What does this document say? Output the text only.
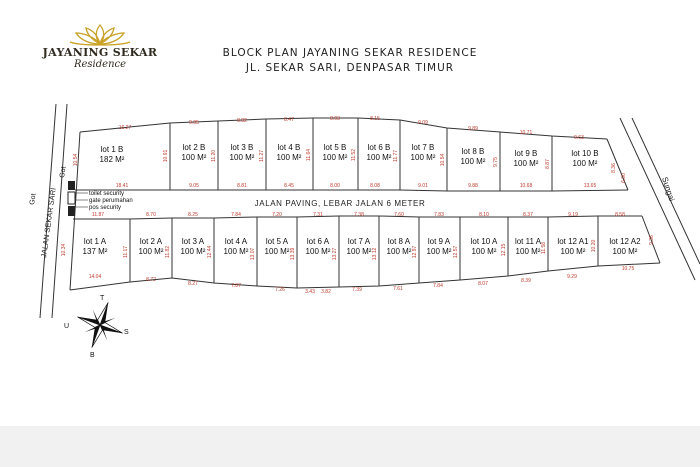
JAYANING SEKAR
Residence
BLOCK PLAN JAYANING SEKAR RESIDENCE
JL. SEKAR SARI, DENPASAR TIMUR
toilet security
gate perumahan
pos security	JALAN PAVING, LEBAR JALAN 6 METER
JALAN SEKAR SARI
Got
Got
Sungai
U
T
S
B
lot 1 B
182 M²
lot 2 B
100 M²
lot 3 B
100 M²
lot 4 B
100 M²
lot 5 B
100 M²
lot 6 B
100 M²
lot 7 B
100 M²
lot 8 B
100 M²
lot 9 B
100 M²
lot 10 B
100 M²
lot 1 A
137 M²
lot 2 A
100 M²
lot 3 A
100 M²
lot 4 A
100 M²
lot 5 A
100 M²
lot 6 A
100 M²
lot 7 A
100 M²
lot 8 A
100 M²
lot 9 A
100 M²
lot 10 A
100 M²
lot 11 A
100 M²
lot 12 A1
100 M²
lot 12 A2
100 M²
16.27
9.05	8.82	8.47	8.03	8.15
9.09
9.89
10.71
9.63
18.41	9.05	8.81	8.45	8.00	8.08	9.01	9.88	10.68	13.65
10.54	10.91	11.20	11.27	11.64	11.52	11.77	10.54	9.75	8.87	8.36
6.00
11.87	8.70	8.25	7.84	7.20	7.31	7.38	7.60	7.83	8.10	8.37	9.19	8.58
14.04	8.72
8.27	7.87
7.26	3.43 3.82	7.39	7.61	7.84	8.07	8.39
9.29
10.75
10.34	11.17	11.82	12.44	13.07	13.39	13.27	13.12	12.97	12.57	12.15	11.58	10.20	9.36
